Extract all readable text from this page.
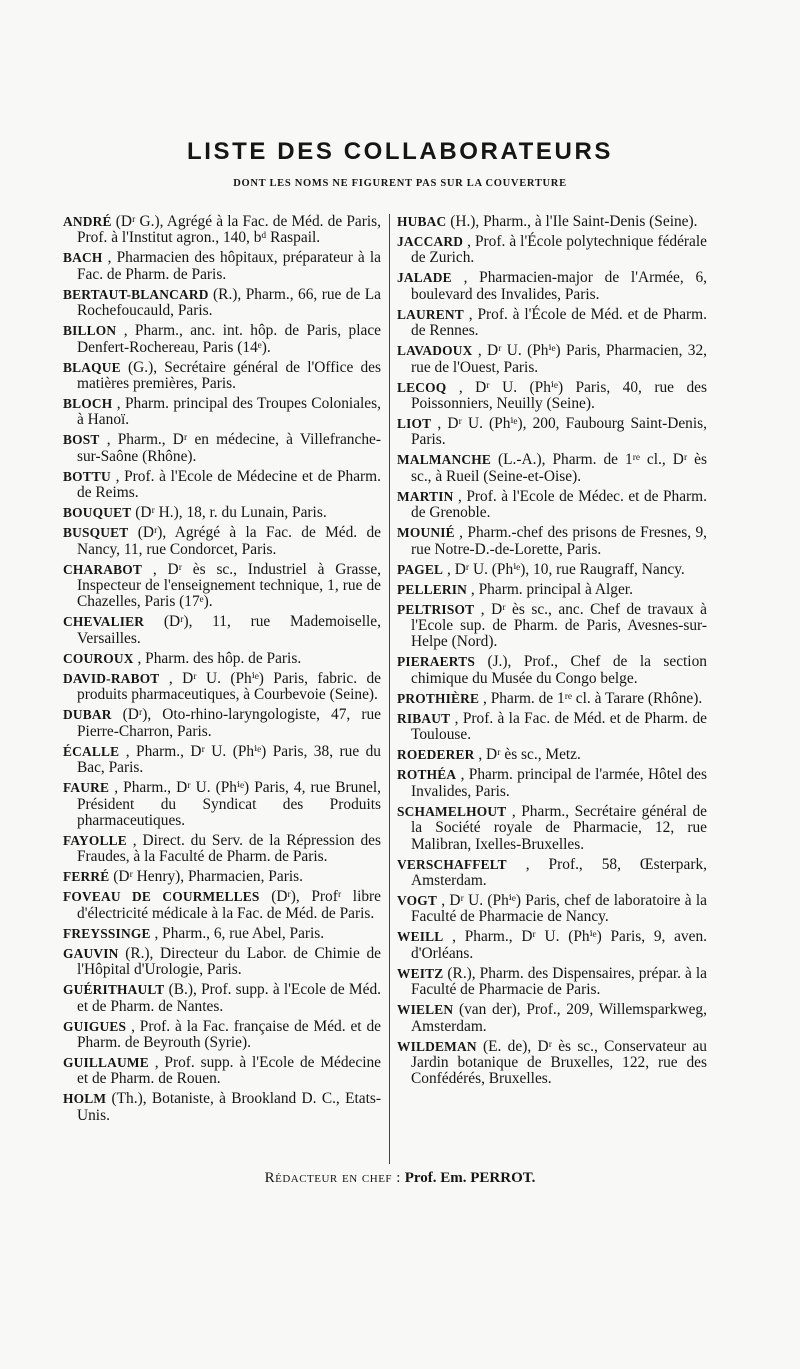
LISTE DES COLLABORATEURS
DONT LES NOMS NE FIGURENT PAS SUR LA COUVERTURE
ANDRÉ (Dʳ G.), Agrégé à la Fac. de Méd. de Paris, Prof. à l'Institut agron., 140, bᵈ Raspail.
BACH , Pharmacien des hôpitaux, préparateur à la Fac. de Pharm. de Paris.
BERTAUT-BLANCARD (R.), Pharm., 66, rue de La Rochefoucauld, Paris.
BILLON , Pharm., anc. int. hôp. de Paris, place Denfert-Rochereau, Paris (14ᵉ).
BLAQUE (G.), Secrétaire général de l'Office des matières premières, Paris.
BLOCH , Pharm. principal des Troupes Coloniales, à Hanoï.
BOST , Pharm., Dʳ en médecine, à Villefranche-sur-Saône (Rhône).
BOTTU , Prof. à l'Ecole de Médecine et de Pharm. de Reims.
BOUQUET (Dʳ H.), 18, r. du Lunain, Paris.
BUSQUET (Dʳ), Agrégé à la Fac. de Méd. de Nancy, 11, rue Condorcet, Paris.
CHARABOT , Dʳ ès sc., Industriel à Grasse, Inspecteur de l'enseignement technique, 1, rue de Chazelles, Paris (17ᵉ).
CHEVALIER (Dʳ), 11, rue Mademoiselle, Versailles.
COUROUX , Pharm. des hôp. de Paris.
DAVID-RABOT , Dʳ U. (Phⁱᵉ) Paris, fabric. de produits pharmaceutiques, à Courbevoie (Seine).
DUBAR (Dʳ), Oto-rhino-laryngologiste, 47, rue Pierre-Charron, Paris.
ÉCALLE , Pharm., Dʳ U. (Phⁱᵉ) Paris, 38, rue du Bac, Paris.
FAURE , Pharm., Dʳ U. (Phⁱᵉ) Paris, 4, rue Brunel, Président du Syndicat des Produits pharmaceutiques.
FAYOLLE , Direct. du Serv. de la Répression des Fraudes, à la Faculté de Pharm. de Paris.
FERRÉ (Dʳ Henry), Pharmacien, Paris.
FOVEAU DE COURMELLES (Dʳ), Profʳ libre d'électricité médicale à la Fac. de Méd. de Paris.
FREYSSINGE , Pharm., 6, rue Abel, Paris.
GAUVIN (R.), Directeur du Labor. de Chimie de l'Hôpital d'Urologie, Paris.
GUÉRITHAULT (B.), Prof. supp. à l'Ecole de Méd. et de Pharm. de Nantes.
GUIGUES , Prof. à la Fac. française de Méd. et de Pharm. de Beyrouth (Syrie).
GUILLAUME , Prof. supp. à l'Ecole de Médecine et de Pharm. de Rouen.
HOLM (Th.), Botaniste, à Brookland D. C., Etats-Unis.
HUBAC (H.), Pharm., à l'Ile Saint-Denis (Seine).
JACCARD , Prof. à l'École polytechnique fédérale de Zurich.
JALADE , Pharmacien-major de l'Armée, 6, boulevard des Invalides, Paris.
LAURENT , Prof. à l'École de Méd. et de Pharm. de Rennes.
LAVADOUX , Dʳ U. (Phⁱᵉ) Paris, Pharmacien, 32, rue de l'Ouest, Paris.
LECOQ , Dʳ U. (Phⁱᵉ) Paris, 40, rue des Poissonniers, Neuilly (Seine).
LIOT , Dʳ U. (Phⁱᵉ), 200, Faubourg Saint-Denis, Paris.
MALMANCHE (L.-A.), Pharm. de 1ʳᵉ cl., Dʳ ès sc., à Rueil (Seine-et-Oise).
MARTIN , Prof. à l'Ecole de Médec. et de Pharm. de Grenoble.
MOUNIÉ , Pharm.-chef des prisons de Fresnes, 9, rue Notre-D.-de-Lorette, Paris.
PAGEL , Dʳ U. (Phⁱᵉ), 10, rue Raugraff, Nancy.
PELLERIN , Pharm. principal à Alger.
PELTRISOT , Dʳ ès sc., anc. Chef de travaux à l'Ecole sup. de Pharm. de Paris, Avesnes-sur-Helpe (Nord).
PIERAERTS (J.), Prof., Chef de la section chimique du Musée du Congo belge.
PROTHIÈRE , Pharm. de 1ʳᵉ cl. à Tarare (Rhône).
RIBAUT , Prof. à la Fac. de Méd. et de Pharm. de Toulouse.
ROEDERER , Dʳ ès sc., Metz.
ROTHÉA , Pharm. principal de l'armée, Hôtel des Invalides, Paris.
SCHAMELHOUT , Pharm., Secrétaire général de la Société royale de Pharmacie, 12, rue Malibran, Ixelles-Bruxelles.
VERSCHAFFELT , Prof., 58, Œsterpark, Amsterdam.
VOGT , Dʳ U. (Phⁱᵉ) Paris, chef de laboratoire à la Faculté de Pharmacie de Nancy.
WEILL , Pharm., Dʳ U. (Phⁱᵉ) Paris, 9, aven. d'Orléans.
WEITZ (R.), Pharm. des Dispensaires, prépar. à la Faculté de Pharmacie de Paris.
WIELEN (van der), Prof., 209, Willemsparkweg, Amsterdam.
WILDEMAN (E. de), Dʳ ès sc., Conservateur au Jardin botanique de Bruxelles, 122, rue des Confédérés, Bruxelles.
Rédacteur en chef : Prof. Em. PERROT.
